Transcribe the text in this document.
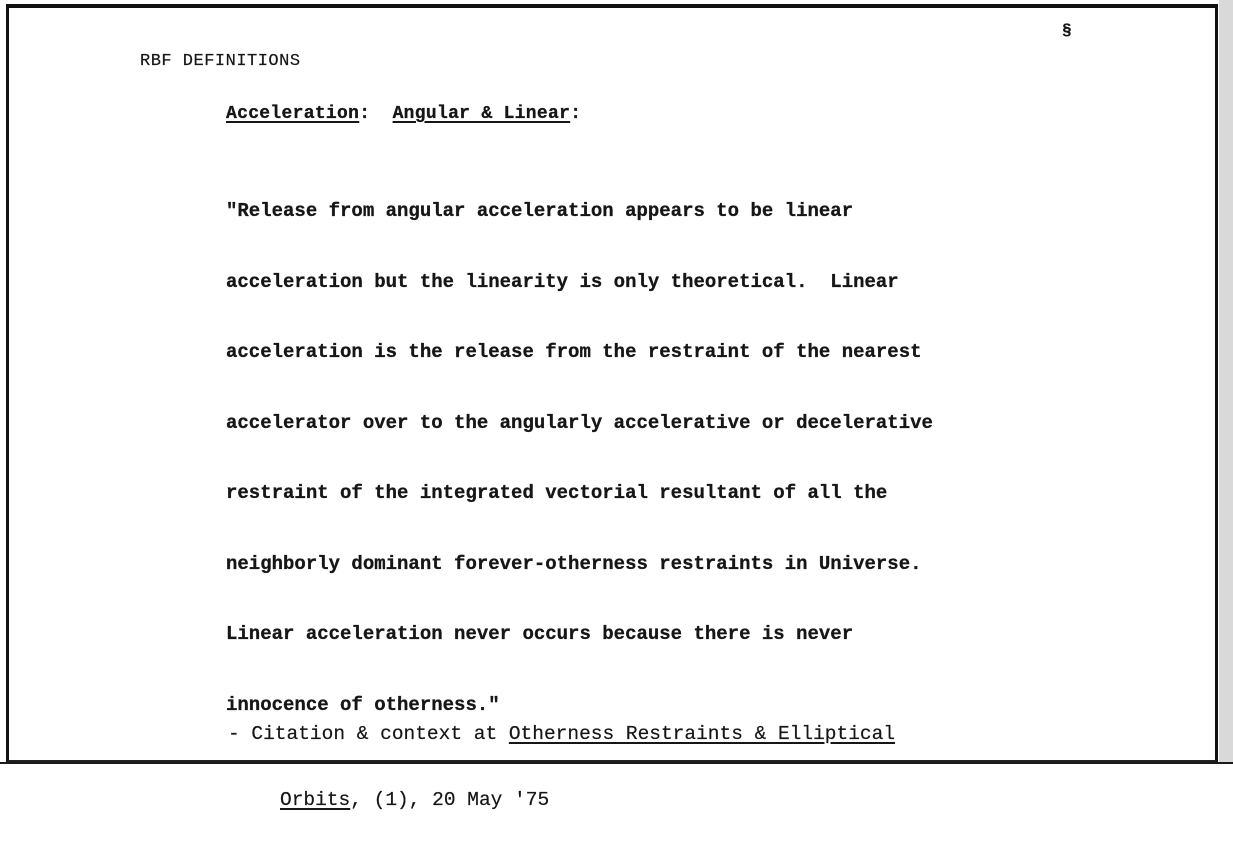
§
RBF DEFINITIONS
Acceleration: Angular & Linear:

"Release from angular acceleration appears to be linear

acceleration but the linearity is only theoretical.  Linear

acceleration is the release from the restraint of the nearest

accelerator over to the angularly accelerative or decelerative

restraint of the integrated vectorial resultant of all the

neighborly dominant forever-otherness restraints in Universe.

Linear acceleration never occurs because there is never

innocence of otherness."

- Citation & context at Otherness Restraints & Elliptical

Orbits, (1), 20 May '75
